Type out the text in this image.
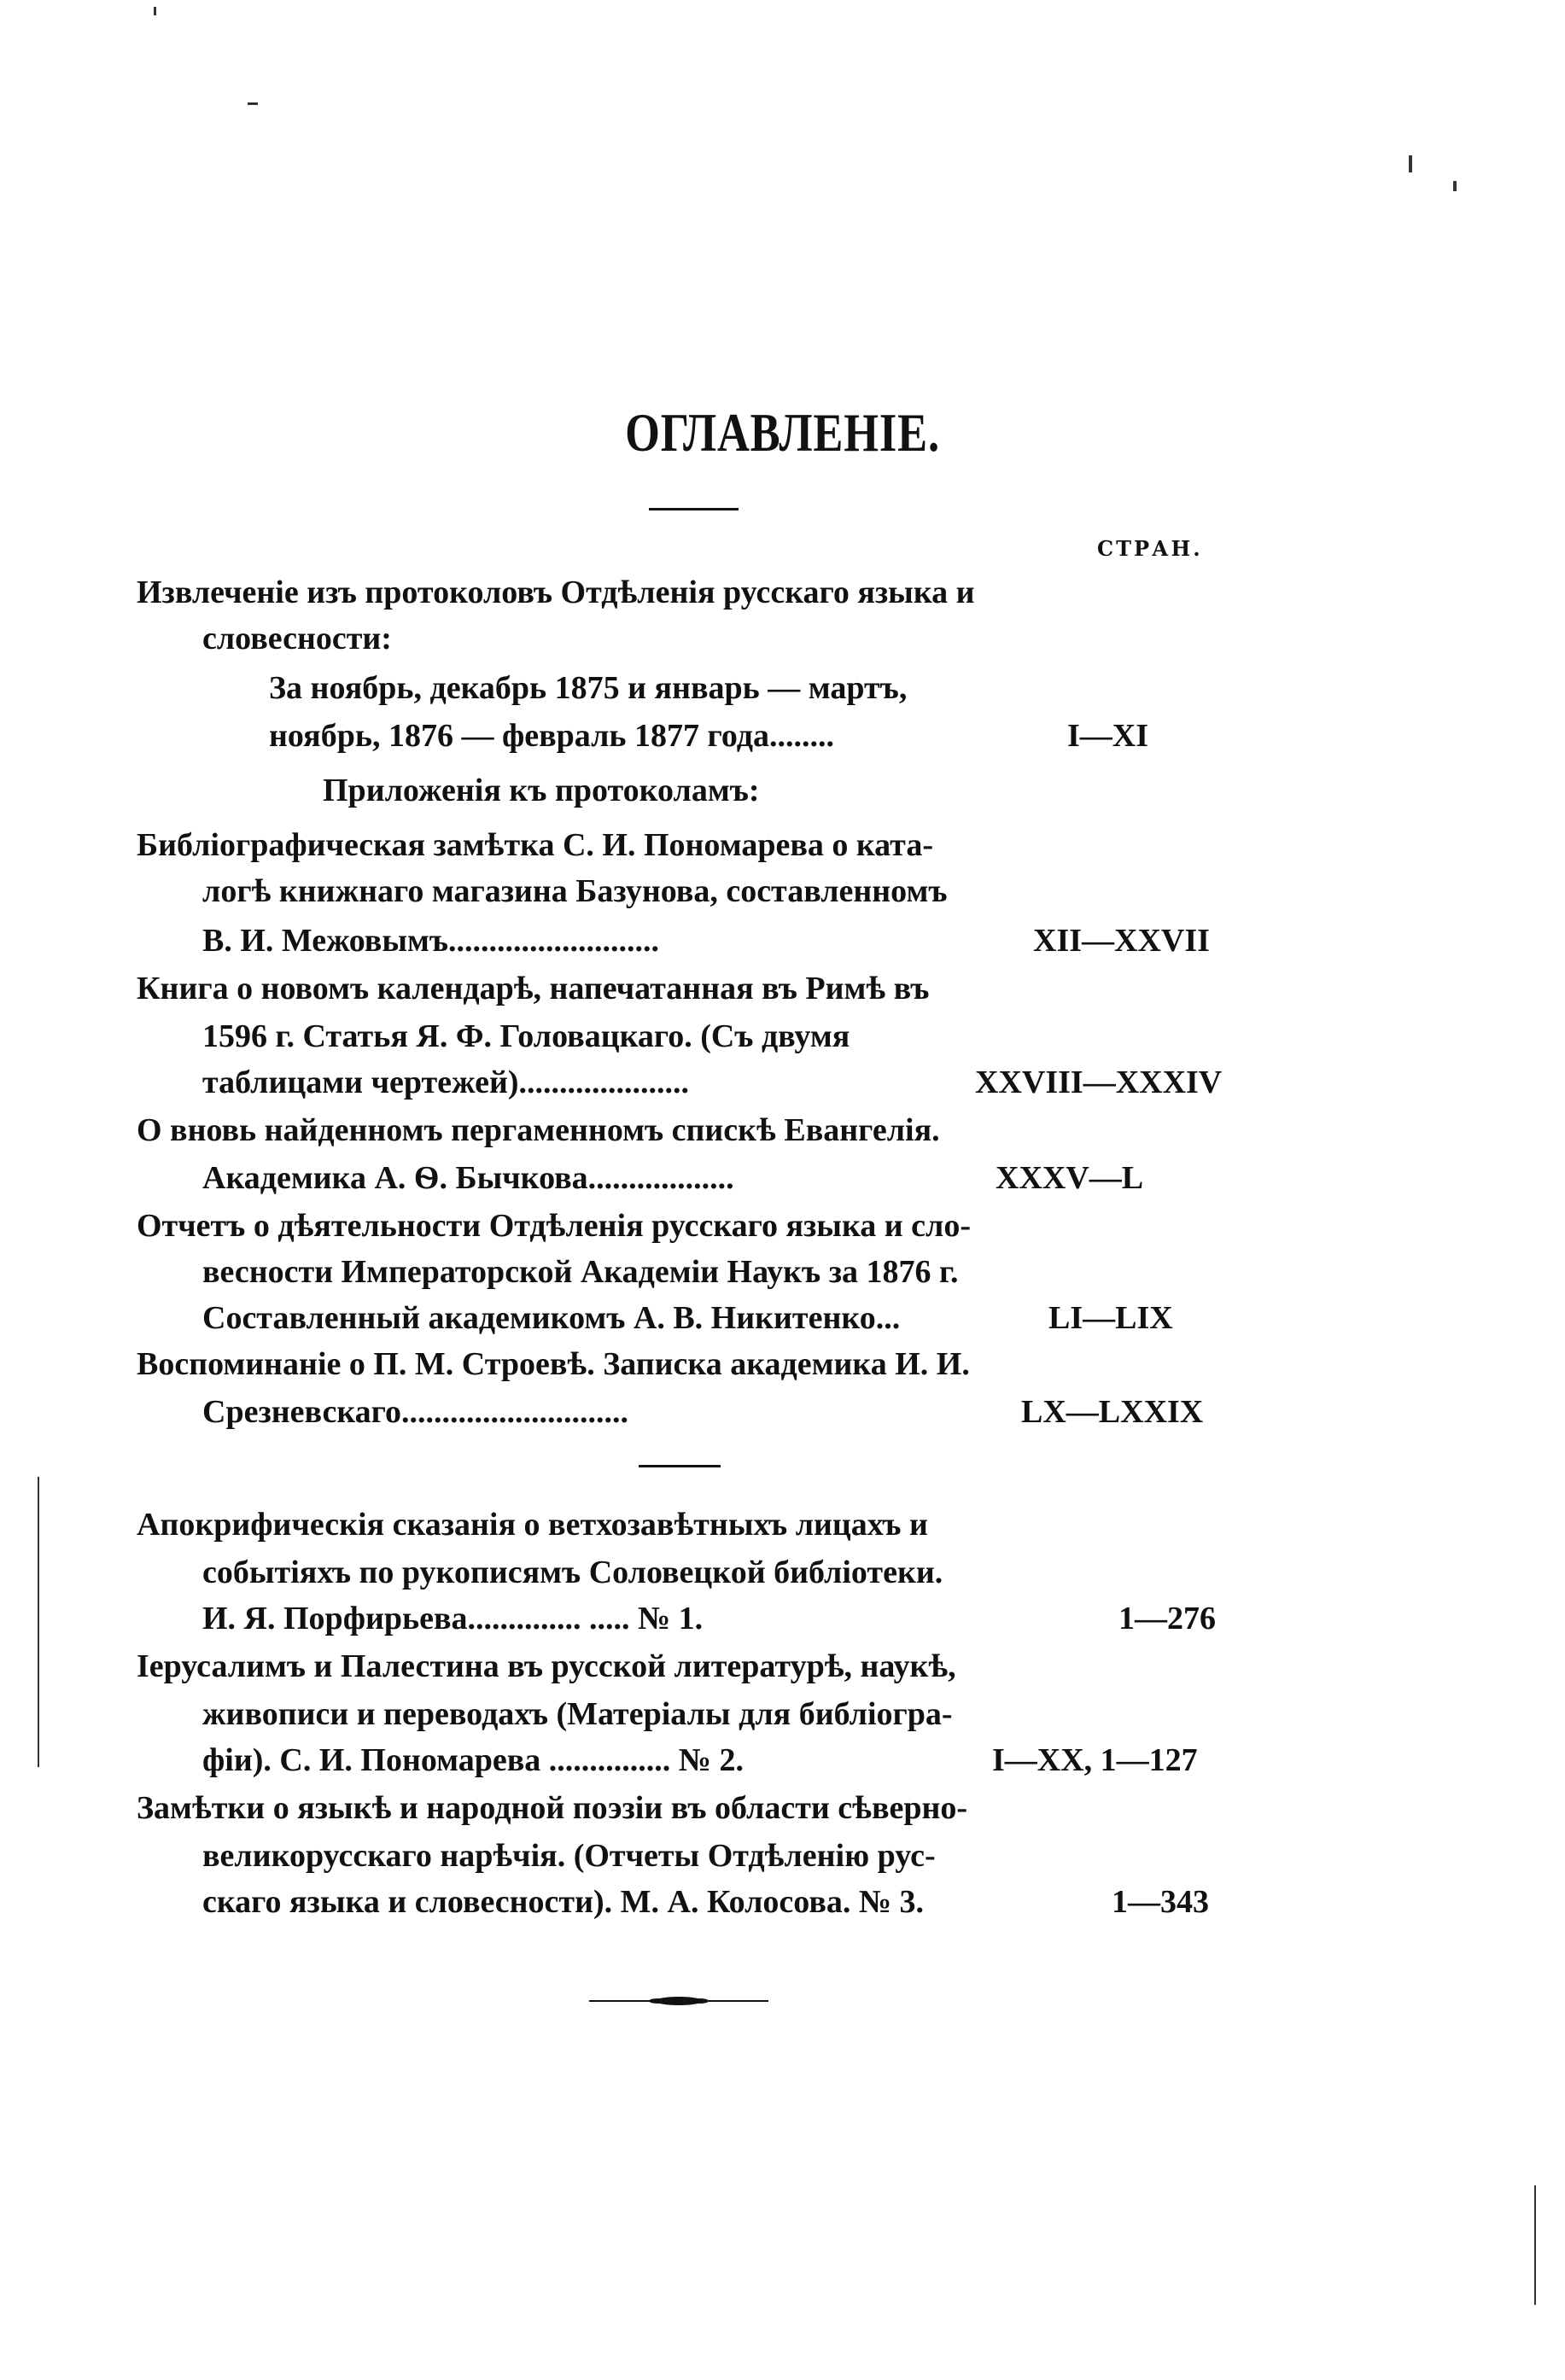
ОГЛАВЛЕНІЕ.
СТРАН.
Извлеченіе изъ протоколовъ Отдѣленія русскаго языка и
словесности:
За ноябрь, декабрь 1875 и январь — мартъ,
ноябрь, 1876 — февраль 1877 года........	I—XI
Приложенія къ протоколамъ:
Библіографическая замѣтка С. И. Пономарева о ката-
логѣ книжнаго магазина Базунова, составленномъ
В. И. Межовымъ..........................	XII—XXVII
Книга о новомъ календарѣ, напечатанная въ Римѣ въ
1596 г. Статья Я. Ф. Головацкаго. (Съ двумя
таблицами чертежей).....................	XXVIII—XXXIV
О вновь найденномъ пергаменномъ спискѣ Евангелія.
Академика А. Ѳ. Бычкова..................	XXXV—L
Отчетъ о дѣятельности Отдѣленія русскаго языка и сло-
весности Императорской Академіи Наукъ за 1876 г.
Составленный академикомъ А. В. Никитенко...	LI—LIX
Воспоминаніе о П. М. Строевѣ. Записка академика И. И.
Срезневскаго............................	LX—LXXIX
Апокрифическія сказанія о ветхозавѣтныхъ лицахъ и
событіяхъ по рукописямъ Соловецкой библіотеки.
И. Я. Порфирьева.............. ..... № 1.	1—276
Іерусалимъ и Палестина въ русской литературѣ, наукѣ,
живописи и переводахъ (Матеріалы для библіогра-
фіи). С. И. Пономарева ............... № 2.	I—XX, 1—127
Замѣтки о языкѣ и народной поэзіи въ области сѣверно-
великорусскаго нарѣчія. (Отчеты Отдѣленію рус-
скаго языка и словесности). М. А. Колосова. № 3.	1—343
